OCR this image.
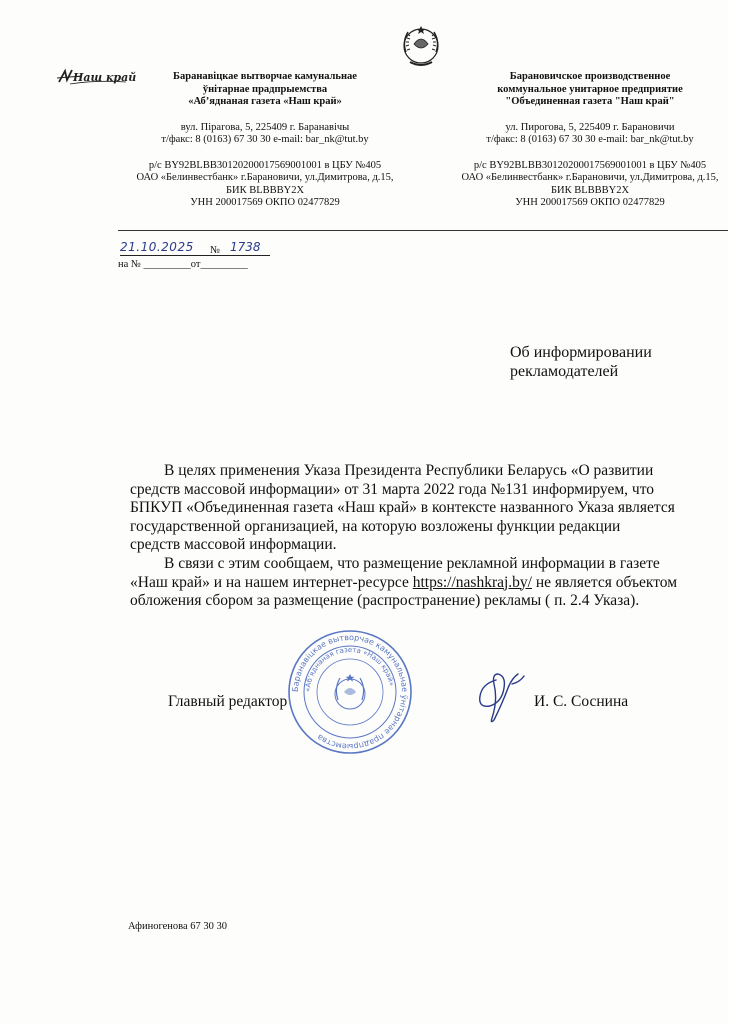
Наш край	Баранавіцкае вытворчае камунальнае
ўнітарнае прадпрыемства
«Аб’яднаная газета «Наш край»
вул. Пірагова, 5, 225409 г. Баранавічы
т/факс: 8 (0163) 67 30 30 e-mail: bar_nk@tut.by
р/с BY92BLBB30120200017569001001 в ЦБУ №405
ОАО «Белинвестбанк» г.Барановичи, ул.Димитрова, д.15,
БИК BLBBBY2X
УНН 200017569 ОКПО 02477829
Барановичское производственное
коммунальное унитарное предприятие
"Объединенная газета "Наш край"
ул. Пирогова, 5, 225409 г. Барановичи
т/факс: 8 (0163) 67 30 30 e-mail: bar_nk@tut.by
р/с BY92BLBB30120200017569001001 в ЦБУ №405
ОАО «Белинвестбанк» г.Барановичи, ул.Димитрова, д.15,
БИК BLBBBY2X
УНН 200017569 ОКПО 02477829
21.10.2025 № 1738
на № _________от_________
Об информировании
рекламодателей

В целях применения Указа Президента Республики Беларусь «О развитии
средств массовой информации» от 31 марта 2022 года №131 информируем, что
БПКУП «Объединенная газета «Наш край» в контексте названного Указа является
государственной организацией, на которую возложены функции редакции
средств массовой информации.

В связи с этим сообщаем, что размещение рекламной информации в газете
«Наш край» и на нашем интернет-ресурсе https://nashkraj.by/ не является объектом
обложения сбором за размещение (распространение) рекламы ( п. 2.4 Указа).

Главный редактор
Баранавіцкае вытворчае камунальнае ўнітарнае прадпрыемства
«Аб’яднаная газета «Наш край»
И. С. Соснина
Афиногенова 67 30 30
